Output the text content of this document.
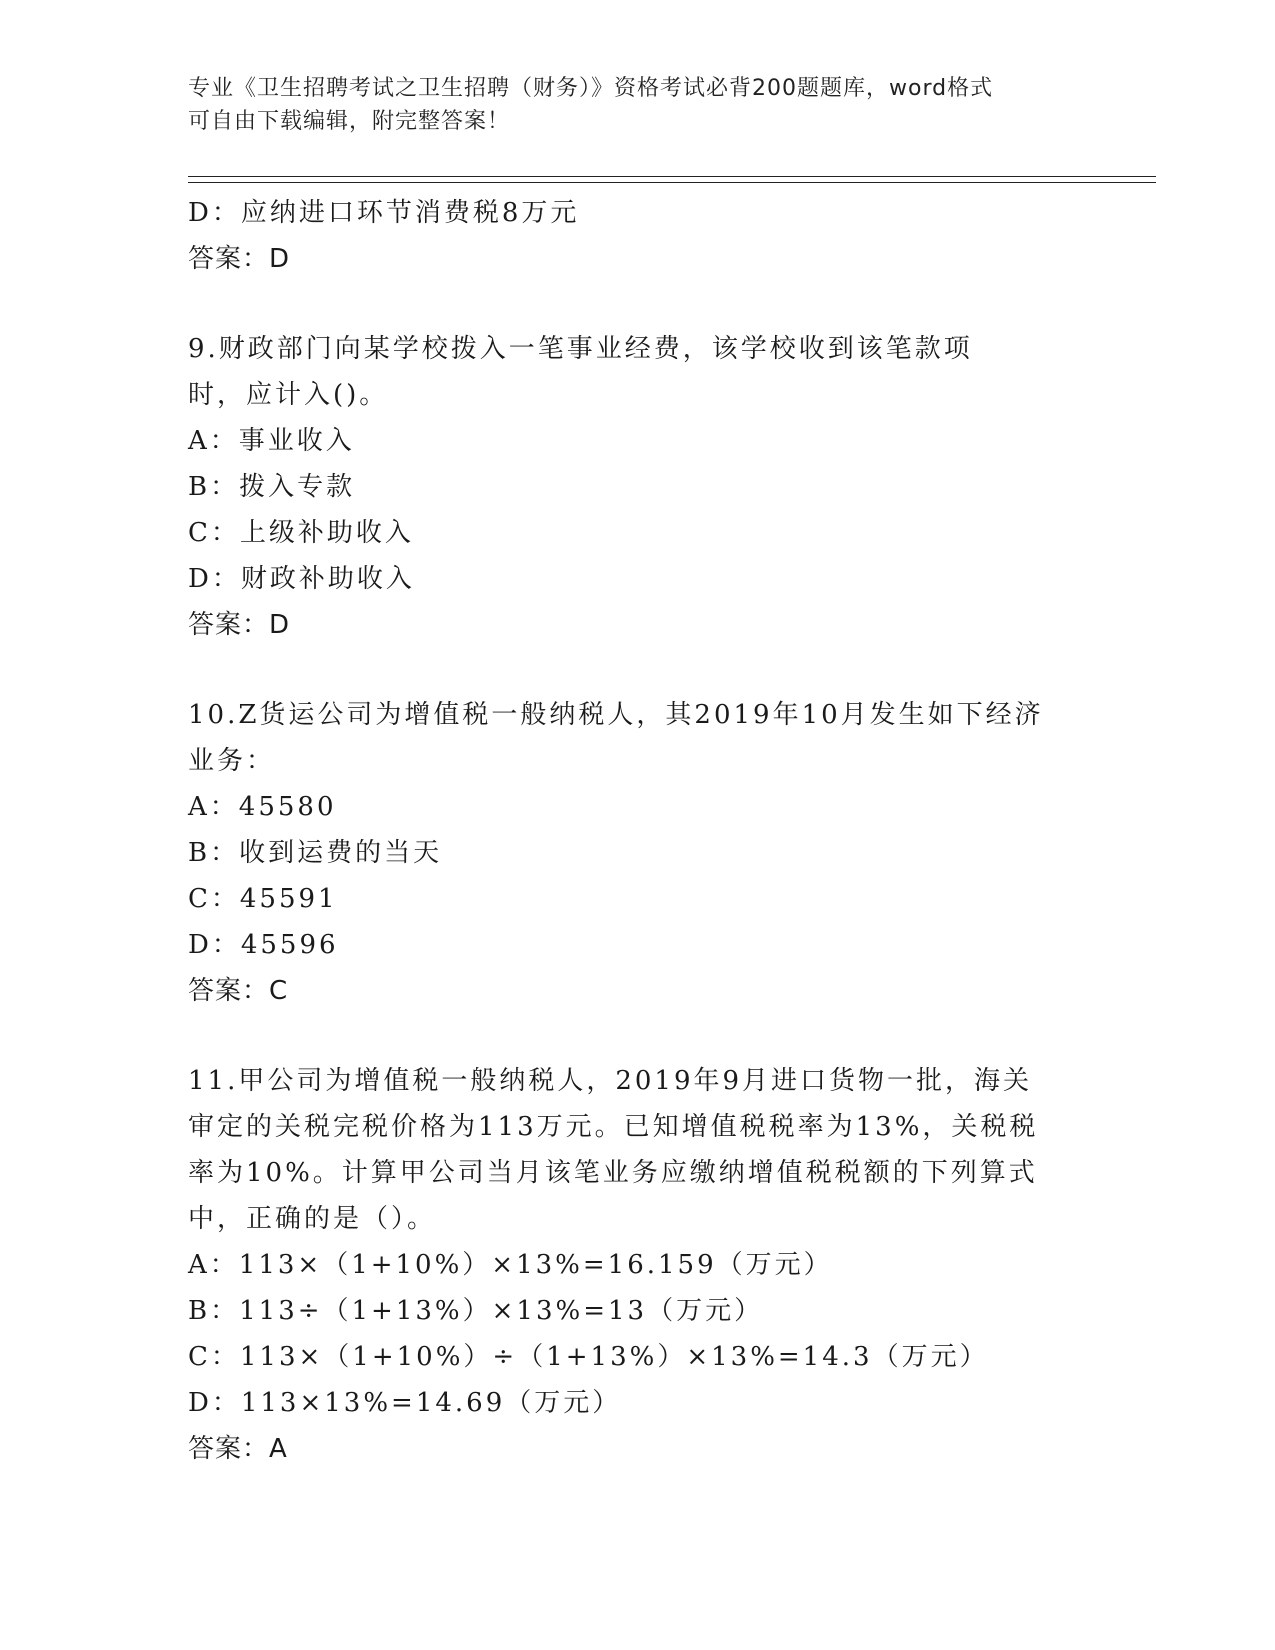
专业《卫生招聘考试之卫生招聘（财务）》资格考试必背200题题库，word格式
可自由下载编辑，附完整答案！
D：应纳进口环节消费税8万元
答案：D
9.财政部门向某学校拨入一笔事业经费，该学校收到该笔款项时，应计入()。
A：事业收入
B：拨入专款
C：上级补助收入
D：财政补助收入
答案：D
10.Z货运公司为增值税一般纳税人，其2019年10月发生如下经济业务：
A：45580
B：收到运费的当天
C：45591
D：45596
答案：C
11.甲公司为增值税一般纳税人，2019年9月进口货物一批，海关审定的关税完税价格为113万元。已知增值税税率为13%，关税税率为10%。计算甲公司当月该笔业务应缴纳增值税税额的下列算式中，正确的是（）。
A：113×（1+10%）×13%=16.159（万元）
B：113÷（1+13%）×13%=13（万元）
C：113×（1+10%）÷（1+13%）×13%=14.3（万元）
D：113×13%=14.69（万元）
答案：A
